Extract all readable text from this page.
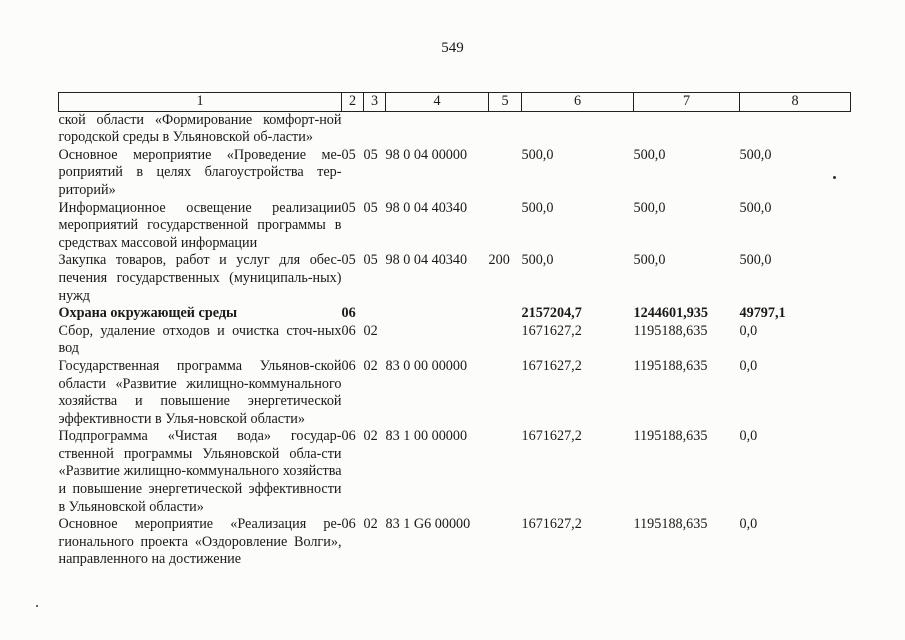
549
1	2	3	4	5	6	7	8
ской области «Формирование комфорт-ной городской среды в Ульяновской об-ласти»							
Основное мероприятие «Проведение ме-роприятий в целях благоустройства тер-риторий»	05	05	98 0 04 00000		500,0	500,0	500,0
Информационное освещение реализации мероприятий государственной программы в средствах массовой информации	05	05	98 0 04 40340		500,0	500,0	500,0
Закупка товаров, работ и услуг для обес-печения государственных (муниципаль-ных) нужд	05	05	98 0 04 40340	200	500,0	500,0	500,0
Охрана окружающей среды	06				2157204,7	1244601,935	49797,1
Сбор, удаление отходов и очистка сточ-ных вод	06	02			1671627,2	1195188,635	0,0
Государственная программа Ульянов-ской области «Развитие жилищно-коммунального хозяйства и повышение энергетической эффективности в Улья-новской области»	06	02	83 0 00 00000		1671627,2	1195188,635	0,0
Подпрограмма «Чистая вода» государ-ственной программы Ульяновской обла-сти «Развитие жилищно-коммунального хозяйства и повышение энергетической эффективности в Ульяновской области»	06	02	83 1 00 00000		1671627,2	1195188,635	0,0
Основное мероприятие «Реализация ре-гионального проекта «Оздоровление Волги», направленного на достижение	06	02	83 1 G6 00000		1671627,2	1195188,635	0,0
